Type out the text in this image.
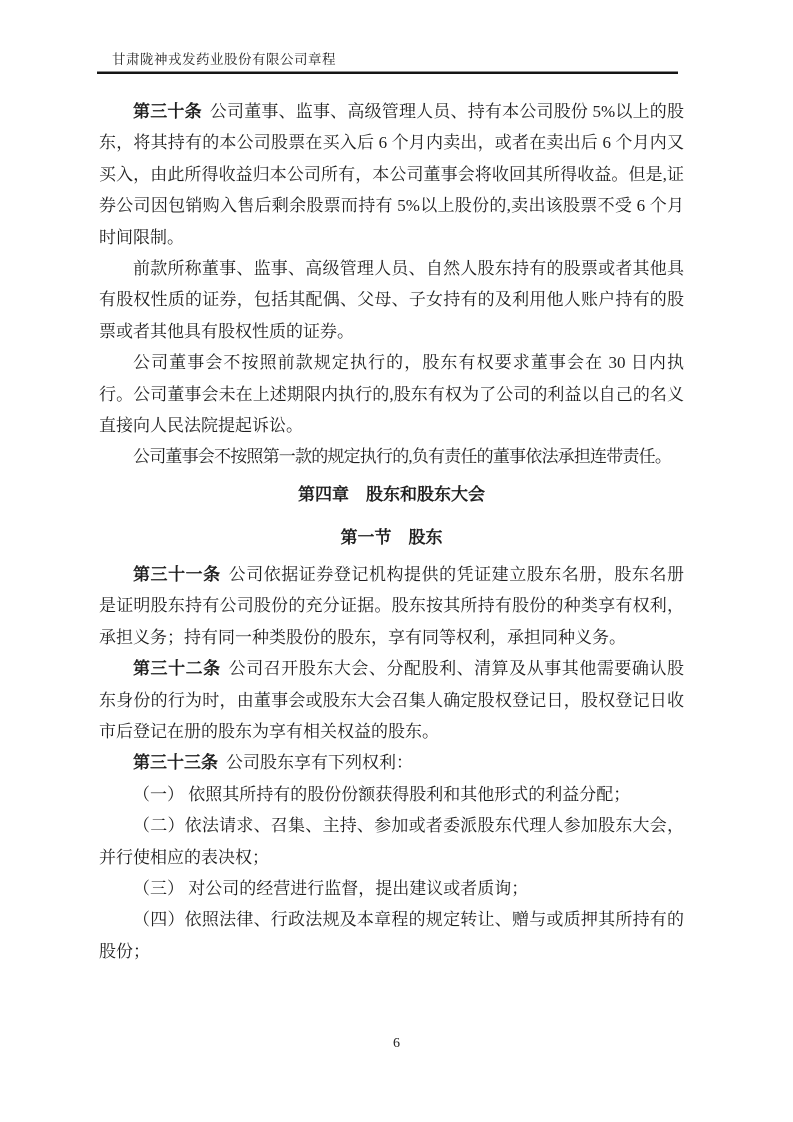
甘肃陇神戎发药业股份有限公司章程

第三十条 公司董事、监事、高级管理人员、持有本公司股份 5%以上的股东，将其持有的本公司股票在买入后 6 个月内卖出，或者在卖出后 6 个月内又买入，由此所得收益归本公司所有，本公司董事会将收回其所得收益。但是,证券公司因包销购入售后剩余股票而持有 5%以上股份的,卖出该股票不受 6 个月时间限制。

前款所称董事、监事、高级管理人员、自然人股东持有的股票或者其他具有股权性质的证券，包括其配偶、父母、子女持有的及利用他人账户持有的股票或者其他具有股权性质的证券。

公司董事会不按照前款规定执行的，股东有权要求董事会在 30 日内执行。公司董事会未在上述期限内执行的,股东有权为了公司的利益以自己的名义直接向人民法院提起诉讼。

公司董事会不按照第一款的规定执行的,负有责任的董事依法承担连带责任。

第四章　股东和股东大会
第一节　股东

第三十一条 公司依据证券登记机构提供的凭证建立股东名册，股东名册是证明股东持有公司股份的充分证据。股东按其所持有股份的种类享有权利，承担义务；持有同一种类股份的股东，享有同等权利，承担同种义务。

第三十二条 公司召开股东大会、分配股利、清算及从事其他需要确认股东身份的行为时，由董事会或股东大会召集人确定股权登记日，股权登记日收市后登记在册的股东为享有相关权益的股东。

第三十三条 公司股东享有下列权利：

（一） 依照其所持有的股份份额获得股利和其他形式的利益分配；

（二）依法请求、召集、主持、参加或者委派股东代理人参加股东大会，并行使相应的表决权；

（三） 对公司的经营进行监督，提出建议或者质询；

（四）依照法律、行政法规及本章程的规定转让、赠与或质押其所持有的股份；

6
